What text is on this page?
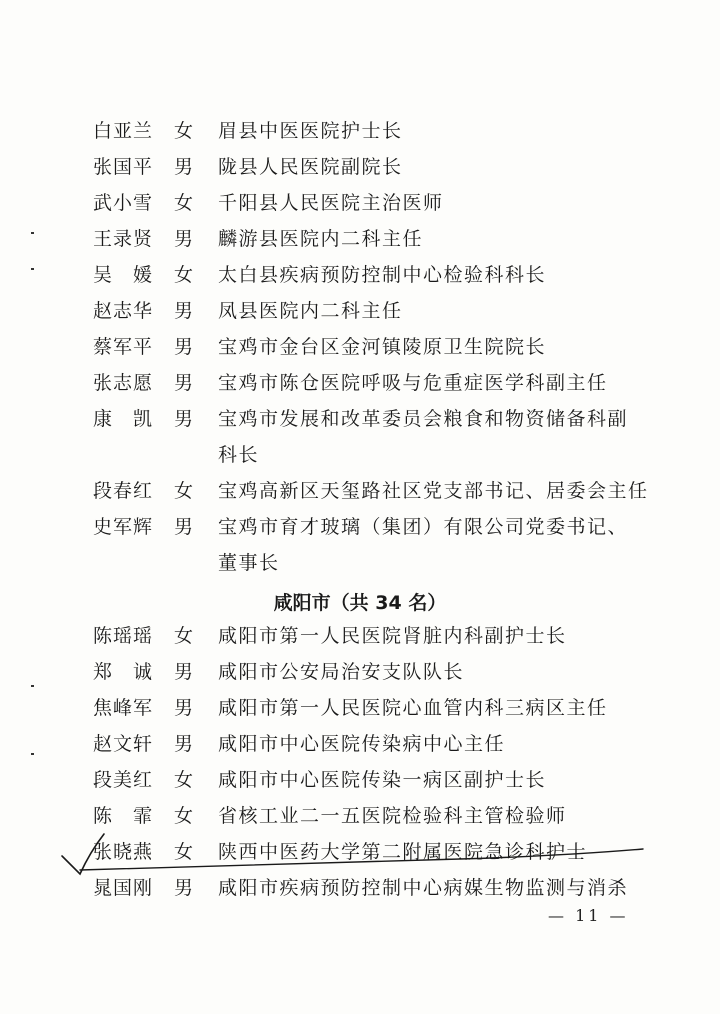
白亚兰 女 眉县中医医院护士长
张国平 男 陇县人民医院副院长
武小雪 女 千阳县人民医院主治医师
王录贤 男 麟游县医院内二科主任
吴　媛 女 太白县疾病预防控制中心检验科科长
赵志华 男 凤县医院内二科主任
蔡军平 男 宝鸡市金台区金河镇陵原卫生院院长
张志愿 男 宝鸡市陈仓医院呼吸与危重症医学科副主任
康　凯 男 宝鸡市发展和改革委员会粮食和物资储备科副
科长
段春红 女 宝鸡高新区天玺路社区党支部书记、居委会主任
史军辉 男 宝鸡市育才玻璃（集团）有限公司党委书记、
董事长
咸阳市（共 34 名）
陈瑶瑶 女 咸阳市第一人民医院肾脏内科副护士长
郑　诚 男 咸阳市公安局治安支队队长
焦峰军 男 咸阳市第一人民医院心血管内科三病区主任
赵文轩 男 咸阳市中心医院传染病中心主任
段美红 女 咸阳市中心医院传染一病区副护士长
陈　霏 女 省核工业二一五医院检验科主管检验师
张晓燕 女 陕西中医药大学第二附属医院急诊科护士
晁国刚 男 咸阳市疾病预防控制中心病媒生物监测与消杀
— 11 —
